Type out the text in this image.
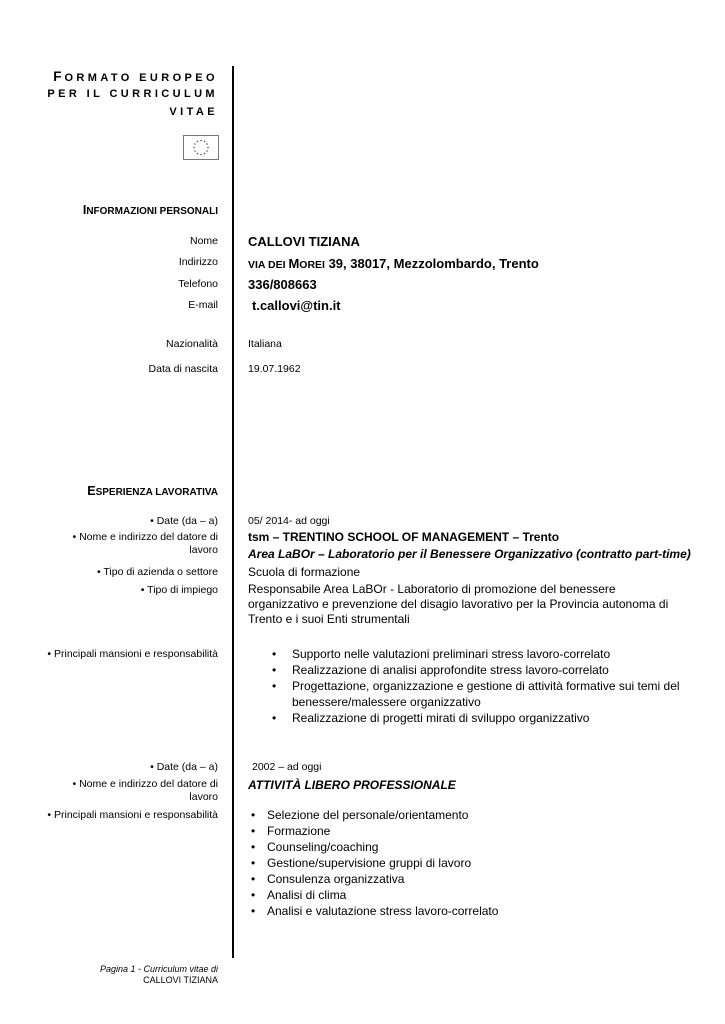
FORMATO EUROPEO
PER IL CURRICULUM
VITAE
INFORMAZIONI PERSONALI
Nome CALLOVI TIZIANA
Indirizzo	VIA DEI MOREI 39, 38017, Mezzolombardo, Trento
Telefono 336/808663
E-mail	t.callovi@tin.it
Nazionalità	Italiana
Data di nascita	19.07.1962
ESPERIENZA LAVORATIVA
• Date (da – a)	05/ 2014- ad oggi
• Nome e indirizzo del datore di lavoro
tsm – TRENTINO SCHOOL OF MANAGEMENT – Trento
Area LaBOr – Laboratorio per il Benessere Organizzativo (contratto part-time)
• Tipo di azienda o settore	Scuola di formazione
• Tipo di impiego	Responsabile Area LaBOr - Laboratorio di promozione del benessere organizzativo e prevenzione del disagio lavorativo per la Provincia autonoma di Trento e i suoi Enti strumentali
• Principali mansioni e responsabilità	• Supporto nelle valutazioni preliminari stress lavoro-correlato
• Realizzazione di analisi approfondite stress lavoro-correlato
• Progettazione, organizzazione e gestione di attività formative sui temi del benessere/malessere organizzativo
• Realizzazione di progetti mirati di sviluppo organizzativo
• Date (da – a)	2002 – ad oggi
• Nome e indirizzo del datore di lavoro
ATTIVITÀ LIBERO PROFESSIONALE
• Principali mansioni e responsabilità	• Selezione del personale/orientamento
• Formazione
• Counseling/coaching
• Gestione/supervisione gruppi di lavoro
• Consulenza organizzativa
• Analisi di clima
• Analisi e valutazione stress lavoro-correlato
Pagina 1 - Curriculum vitae di
CALLOVI TIZIANA
